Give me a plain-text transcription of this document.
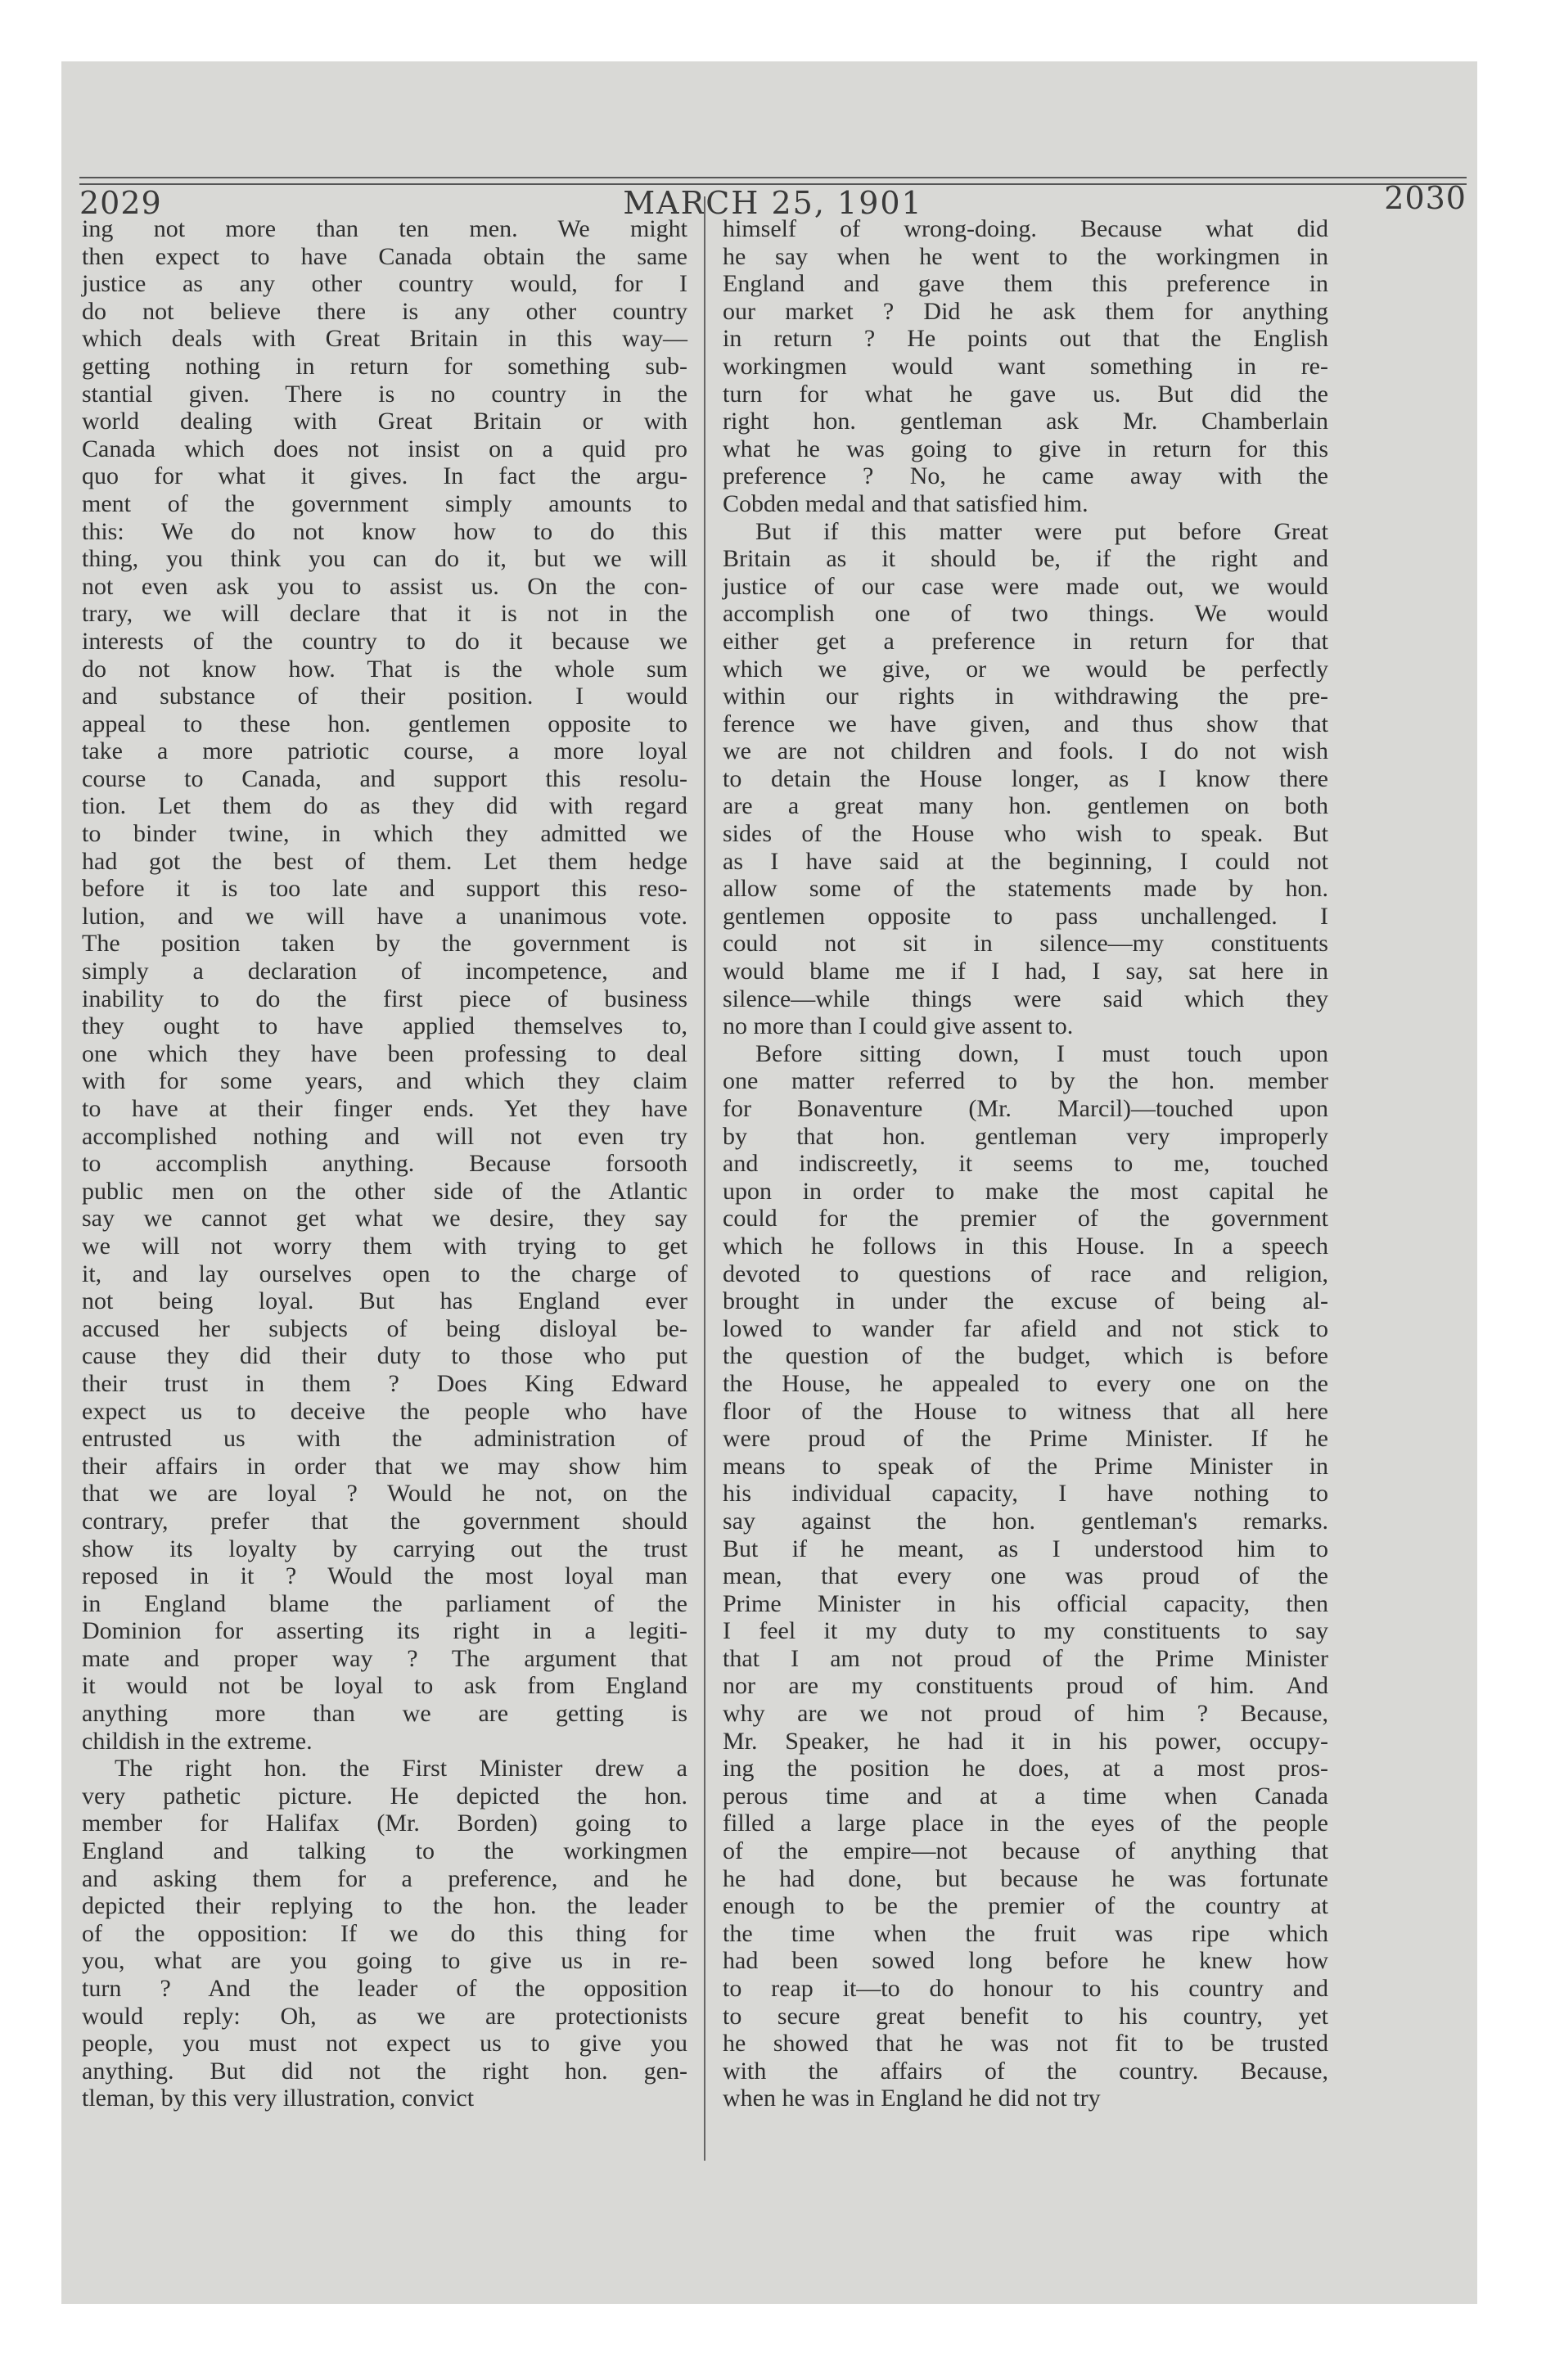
2029	MARCH 25, 1901	2030
ing not more than ten men. We might
then expect to have Canada obtain the same
justice as any other country would, for I
do not believe there is any other country
which deals with Great Britain in this way—
getting nothing in return for something sub-
stantial given. There is no country in the
world dealing with Great Britain or with
Canada which does not insist on a quid pro
quo for what it gives. In fact the argu-
ment of the government simply amounts to
this: We do not know how to do this
thing, you think you can do it, but we will
not even ask you to assist us. On the con-
trary, we will declare that it is not in the
interests of the country to do it because we
do not know how. That is the whole sum
and substance of their position. I would
appeal to these hon. gentlemen opposite to
take a more patriotic course, a more loyal
course to Canada, and support this resolu-
tion. Let them do as they did with regard
to binder twine, in which they admitted we
had got the best of them. Let them hedge
before it is too late and support this reso-
lution, and we will have a unanimous vote.
The position taken by the government is
simply a declaration of incompetence, and
inability to do the first piece of business
they ought to have applied themselves to,
one which they have been professing to deal
with for some years, and which they claim
to have at their finger ends. Yet they have
accomplished nothing and will not even try
to accomplish anything. Because forsooth
public men on the other side of the Atlantic
say we cannot get what we desire, they say
we will not worry them with trying to get
it, and lay ourselves open to the charge of
not being loyal. But has England ever
accused her subjects of being disloyal be-
cause they did their duty to those who put
their trust in them ? Does King Edward
expect us to deceive the people who have
entrusted us with the administration of
their affairs in order that we may show him
that we are loyal ? Would he not, on the
contrary, prefer that the government should
show its loyalty by carrying out the trust
reposed in it ? Would the most loyal man
in England blame the parliament of the
Dominion for asserting its right in a legiti-
mate and proper way ? The argument that
it would not be loyal to ask from England
anything more than we are getting is
childish in the extreme.
The right hon. the First Minister drew a
very pathetic picture. He depicted the hon.
member for Halifax (Mr. Borden) going to
England and talking to the workingmen
and asking them for a preference, and he
depicted their replying to the hon. the leader
of the opposition: If we do this thing for
you, what are you going to give us in re-
turn ? And the leader of the opposition
would reply: Oh, as we are protectionists
people, you must not expect us to give you
anything. But did not the right hon. gen-
tleman, by this very illustration, convict
himself of wrong-doing. Because what did
he say when he went to the workingmen in
England and gave them this preference in
our market ? Did he ask them for anything
in return ? He points out that the English
workingmen would want something in re-
turn for what he gave us. But did the
right hon. gentleman ask Mr. Chamberlain
what he was going to give in return for this
preference ? No, he came away with the
Cobden medal and that satisfied him.
But if this matter were put before Great
Britain as it should be, if the right and
justice of our case were made out, we would
accomplish one of two things. We would
either get a preference in return for that
which we give, or we would be perfectly
within our rights in withdrawing the pre-
ference we have given, and thus show that
we are not children and fools. I do not wish
to detain the House longer, as I know there
are a great many hon. gentlemen on both
sides of the House who wish to speak. But
as I have said at the beginning, I could not
allow some of the statements made by hon.
gentlemen opposite to pass unchallenged. I
could not sit in silence—my constituents
would blame me if I had, I say, sat here in
silence—while things were said which they
no more than I could give assent to.
Before sitting down, I must touch upon
one matter referred to by the hon. member
for Bonaventure (Mr. Marcil)—touched upon
by that hon. gentleman very improperly
and indiscreetly, it seems to me, touched
upon in order to make the most capital he
could for the premier of the government
which he follows in this House. In a speech
devoted to questions of race and religion,
brought in under the excuse of being al-
lowed to wander far afield and not stick to
the question of the budget, which is before
the House, he appealed to every one on the
floor of the House to witness that all here
were proud of the Prime Minister. If he
means to speak of the Prime Minister in
his individual capacity, I have nothing to
say against the hon. gentleman's remarks.
But if he meant, as I understood him to
mean, that every one was proud of the
Prime Minister in his official capacity, then
I feel it my duty to my constituents to say
that I am not proud of the Prime Minister
nor are my constituents proud of him. And
why are we not proud of him ? Because,
Mr. Speaker, he had it in his power, occupy-
ing the position he does, at a most pros-
perous time and at a time when Canada
filled a large place in the eyes of the people
of the empire—not because of anything that
he had done, but because he was fortunate
enough to be the premier of the country at
the time when the fruit was ripe which
had been sowed long before he knew how
to reap it—to do honour to his country and
to secure great benefit to his country, yet
he showed that he was not fit to be trusted
with the affairs of the country. Because,
when he was in England he did not try
